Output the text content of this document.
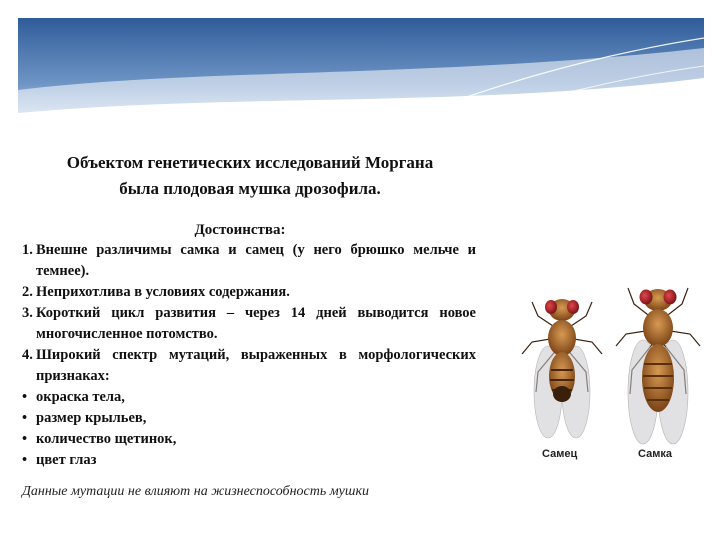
Объектом генетических исследований Моргана
была плодовая мушка дрозофила.
Достоинства:
1. Внешне различимы самка и самец (у него брюшко мельче и темнее).
2. Неприхотлива в условиях содержания.
3. Короткий цикл развития – через 14 дней выводится новое многочисленное потомство.
4. Широкий спектр мутаций, выраженных в морфологических признаках:
• окраска тела,
• размер крыльев,
• количество щетинок,
• цвет глаз
Данные мутации не влияют на жизнеспособность мушки
Самец	Самка
